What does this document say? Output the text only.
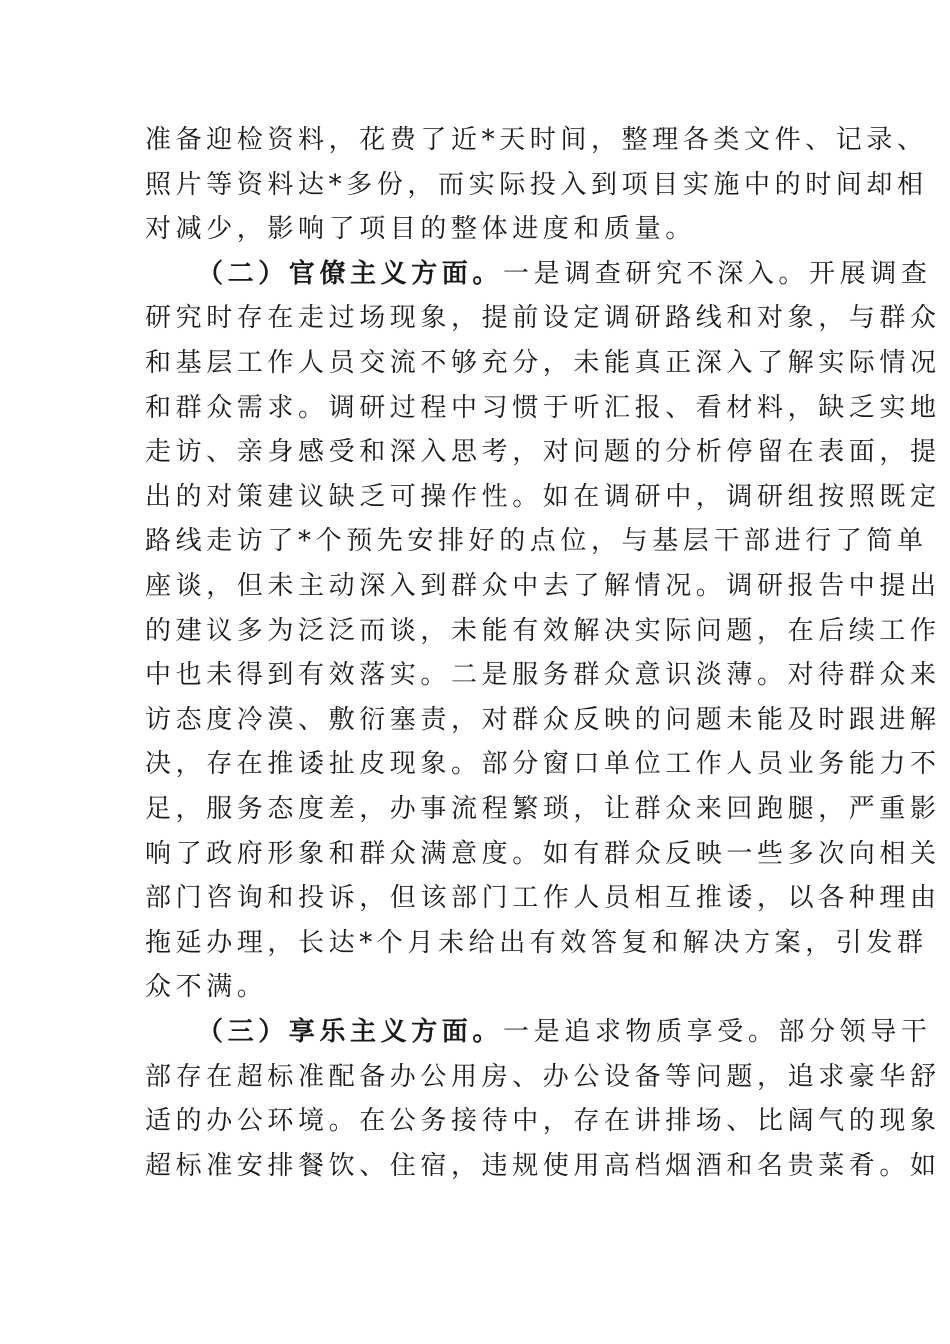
准备迎检资料，花费了近*天时间，整理各类文件、记录、
照片等资料达*多份，而实际投入到项目实施中的时间却相
对减少，影响了项目的整体进度和质量。
（二）官僚主义方面。一是调查研究不深入。开展调查
研究时存在走过场现象，提前设定调研路线和对象，与群众
和基层工作人员交流不够充分，未能真正深入了解实际情况
和群众需求。调研过程中习惯于听汇报、看材料，缺乏实地
走访、亲身感受和深入思考，对问题的分析停留在表面，提
出的对策建议缺乏可操作性。如在调研中，调研组按照既定
路线走访了*个预先安排好的点位，与基层干部进行了简单
座谈，但未主动深入到群众中去了解情况。调研报告中提出
的建议多为泛泛而谈，未能有效解决实际问题，在后续工作
中也未得到有效落实。二是服务群众意识淡薄。对待群众来
访态度冷漠、敷衍塞责，对群众反映的问题未能及时跟进解
决，存在推诿扯皮现象。部分窗口单位工作人员业务能力不
足，服务态度差，办事流程繁琐，让群众来回跑腿，严重影
响了政府形象和群众满意度。如有群众反映一些多次向相关
部门咨询和投诉，但该部门工作人员相互推诿，以各种理由
拖延办理，长达*个月未给出有效答复和解决方案，引发群
众不满。
（三）享乐主义方面。一是追求物质享受。部分领导干
部存在超标准配备办公用房、办公设备等问题，追求豪华舒
适的办公环境。在公务接待中，存在讲排场、比阔气的现象
超标准安排餐饮、住宿，违规使用高档烟酒和名贵菜肴。如
